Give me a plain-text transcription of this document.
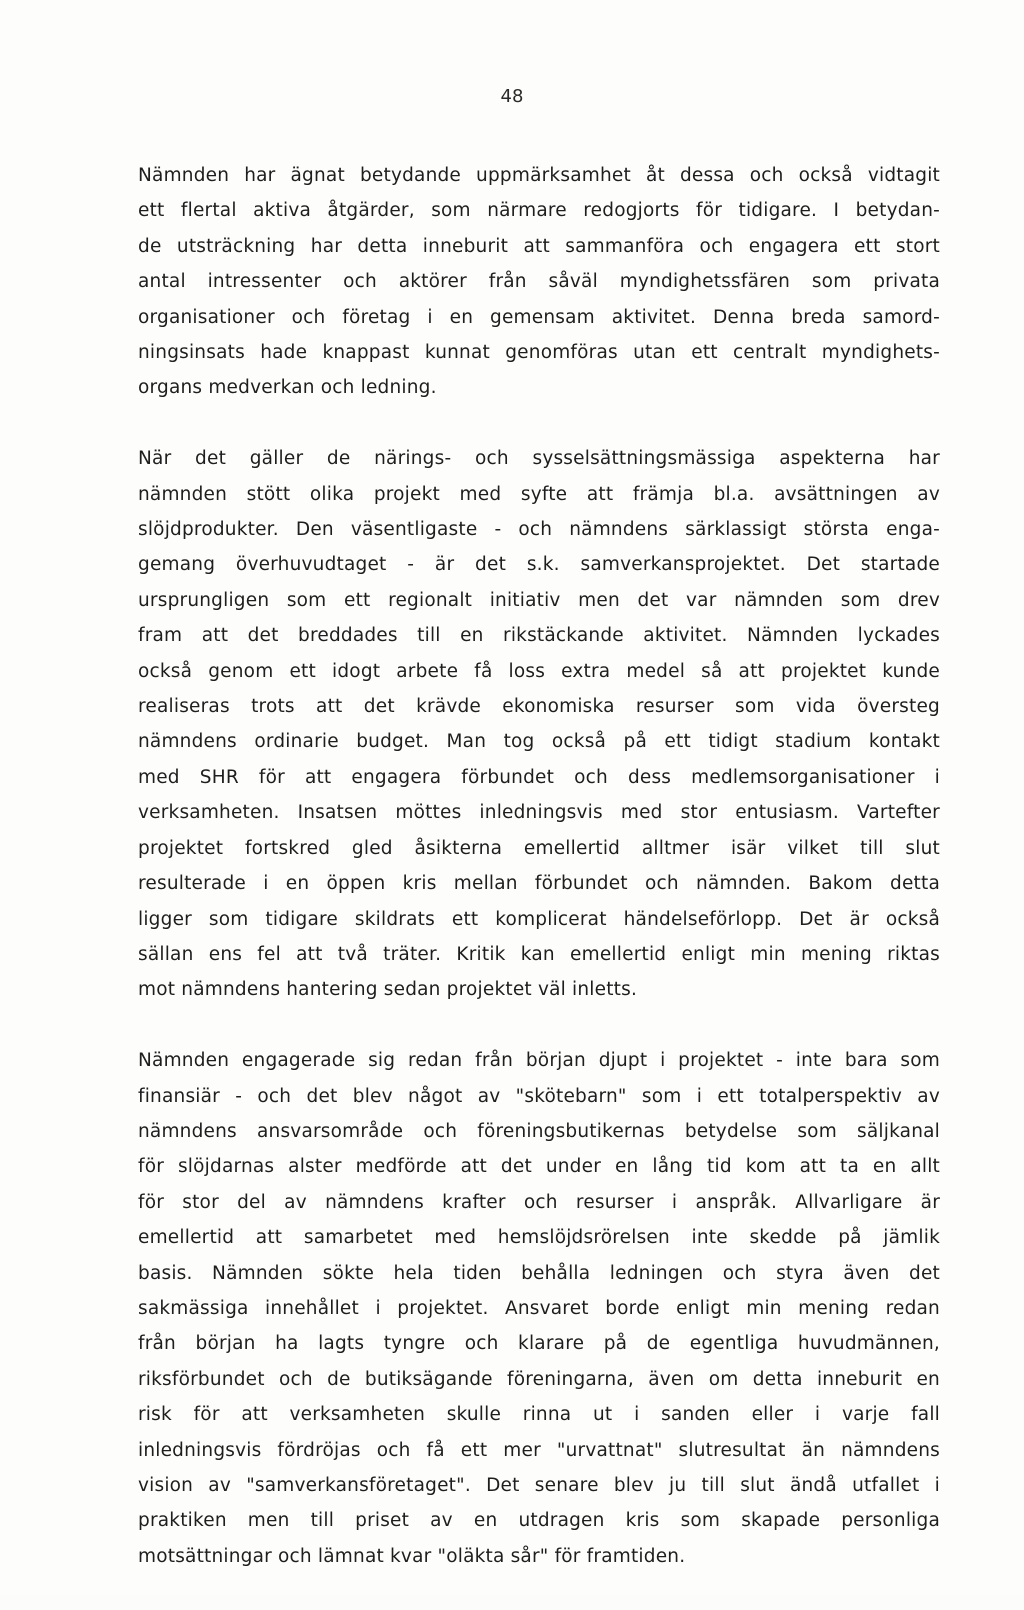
48

Nämnden har ägnat betydande uppmärksamhet åt dessa och också vidtagit
ett flertal aktiva åtgärder, som närmare redogjorts för tidigare. I betydan-
de utsträckning har detta inneburit att sammanföra och engagera ett stort
antal intressenter och aktörer från såväl myndighetssfären som privata
organisationer och företag i en gemensam aktivitet. Denna breda samord-
ningsinsats hade knappast kunnat genomföras utan ett centralt myndighets-
organs medverkan och ledning.

När det gäller de närings- och sysselsättningsmässiga aspekterna har
nämnden stött olika projekt med syfte att främja bl.a. avsättningen av
slöjdprodukter. Den väsentligaste - och nämndens särklassigt största enga-
gemang överhuvudtaget - är det s.k. samverkansprojektet. Det startade
ursprungligen som ett regionalt initiativ men det var nämnden som drev
fram att det breddades till en rikstäckande aktivitet. Nämnden lyckades
också genom ett idogt arbete få loss extra medel så att projektet kunde
realiseras trots att det krävde ekonomiska resurser som vida översteg
nämndens ordinarie budget. Man tog också på ett tidigt stadium kontakt
med SHR för att engagera förbundet och dess medlemsorganisationer i
verksamheten. Insatsen möttes inledningsvis med stor entusiasm. Vartefter
projektet fortskred gled åsikterna emellertid alltmer isär vilket till slut
resulterade i en öppen kris mellan förbundet och nämnden. Bakom detta
ligger som tidigare skildrats ett komplicerat händelseförlopp. Det är också
sällan ens fel att två träter. Kritik kan emellertid enligt min mening riktas
mot nämndens hantering sedan projektet väl inletts.

Nämnden engagerade sig redan från början djupt i projektet - inte bara som
finansiär - och det blev något av "skötebarn" som i ett totalperspektiv av
nämndens ansvarsområde och föreningsbutikernas betydelse som säljkanal
för slöjdarnas alster medförde att det under en lång tid kom att ta en allt
för stor del av nämndens krafter och resurser i anspråk. Allvarligare är
emellertid att samarbetet med hemslöjdsrörelsen inte skedde på jämlik
basis. Nämnden sökte hela tiden behålla ledningen och styra även det
sakmässiga innehållet i projektet. Ansvaret borde enligt min mening redan
från början ha lagts tyngre och klarare på de egentliga huvudmännen,
riksförbundet och de butiksägande föreningarna, även om detta inneburit en
risk för att verksamheten skulle rinna ut i sanden eller i varje fall
inledningsvis fördröjas och få ett mer "urvattnat" slutresultat än nämndens
vision av "samverkansföretaget". Det senare blev ju till slut ändå utfallet i
praktiken men till priset av en utdragen kris som skapade personliga
motsättningar och lämnat kvar "oläkta sår" för framtiden.
